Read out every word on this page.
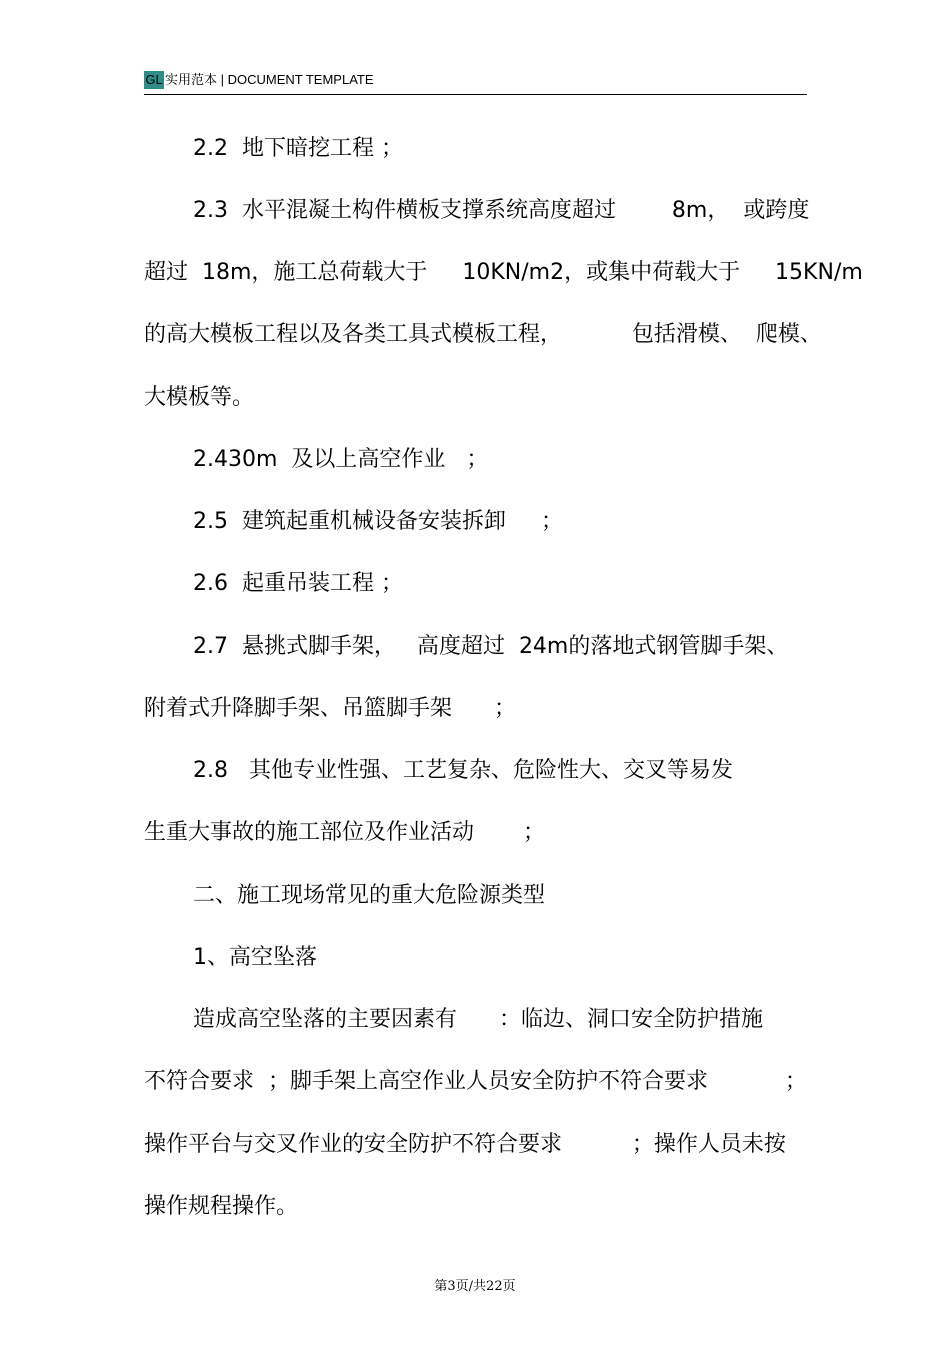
GL 实用范本 | DOCUMENT TEMPLATE
2.2  地下暗挖工程 ；
2.3  水平混凝土构件横板支撑系统高度超过        8m，  或跨度
超过  18m，施工总荷载大于     10KN/m2，或集中荷载大于     15KN/m
的高大模板工程以及各类工具式模板工程，          包括滑模、  爬模、
大模板等。
2.430m  及以上高空作业   ；
2.5  建筑起重机械设备安装拆卸     ；
2.6  起重吊装工程 ；
2.7  悬挑式脚手架，   高度超过  24m的落地式钢管脚手架、
附着式升降脚手架、吊篮脚手架      ；
2.8   其他专业性强、工艺复杂、危险性大、交叉等易发
生重大事故的施工部位及作业活动       ；
二、施工现场常见的重大危险源类型
1、高空坠落
造成高空坠落的主要因素有      ：临边、洞口安全防护措施
不符合要求  ；脚手架上高空作业人员安全防护不符合要求           ；
操作平台与交叉作业的安全防护不符合要求          ；操作人员未按
操作规程操作。
第3页/共22页
